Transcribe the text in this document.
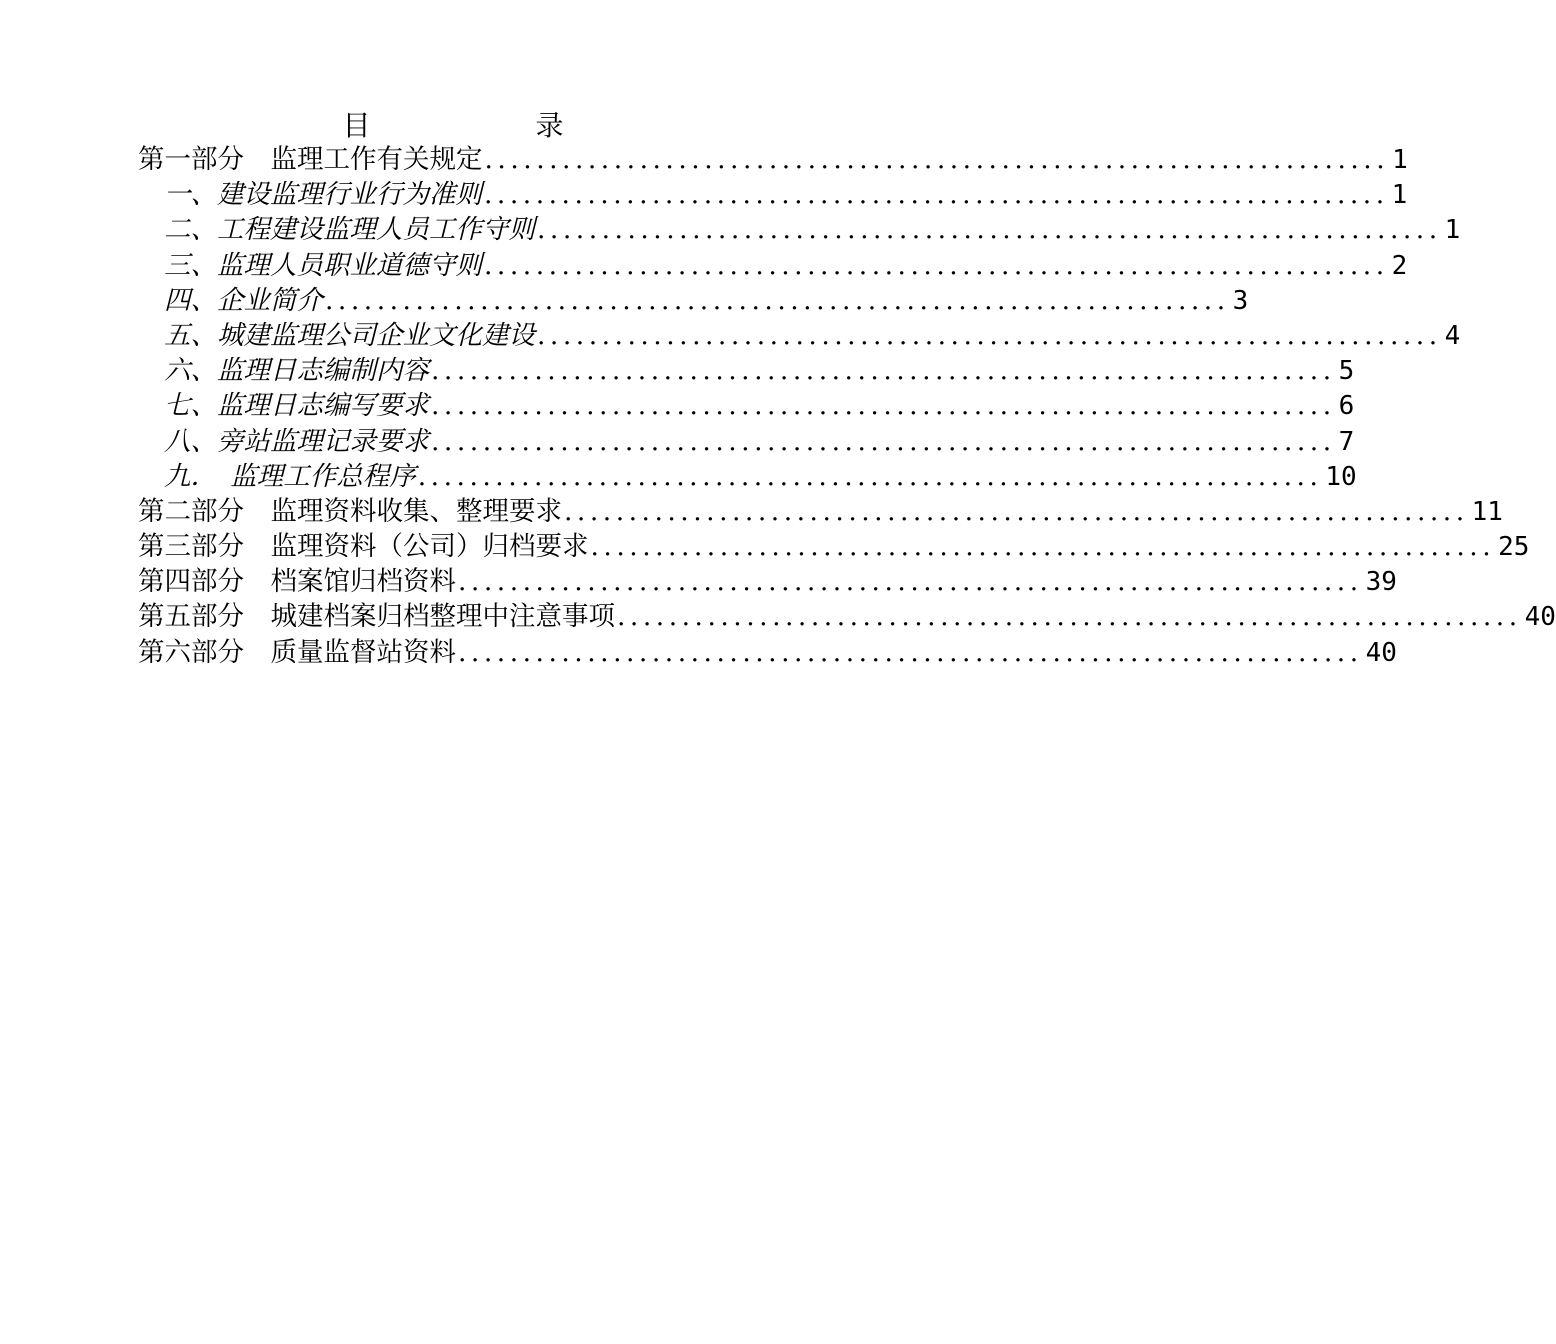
目 录
第一部分　监理工作有关规定 ...................................................................... 1
一、建设监理行业行为准则 ...................................................................... 1
二、工程建设监理人员工作守则 ...................................................................... 1
三、监理人员职业道德守则 ...................................................................... 2
四、企业简介 ...................................................................... 3
五、城建监理公司企业文化建设 ...................................................................... 4
六、监理日志编制内容 ...................................................................... 5
七、监理日志编写要求 ...................................................................... 6
八、旁站监理记录要求 ...................................................................... 7
九．　监理工作总程序 ...................................................................... 10
第二部分　监理资料收集、整理要求 ...................................................................... 11
第三部分　监理资料（公司）归档要求 ...................................................................... 25
第四部分　档案馆归档资料 ...................................................................... 39
第五部分　城建档案归档整理中注意事项 ...................................................................... 40
第六部分　质量监督站资料 ...................................................................... 40
